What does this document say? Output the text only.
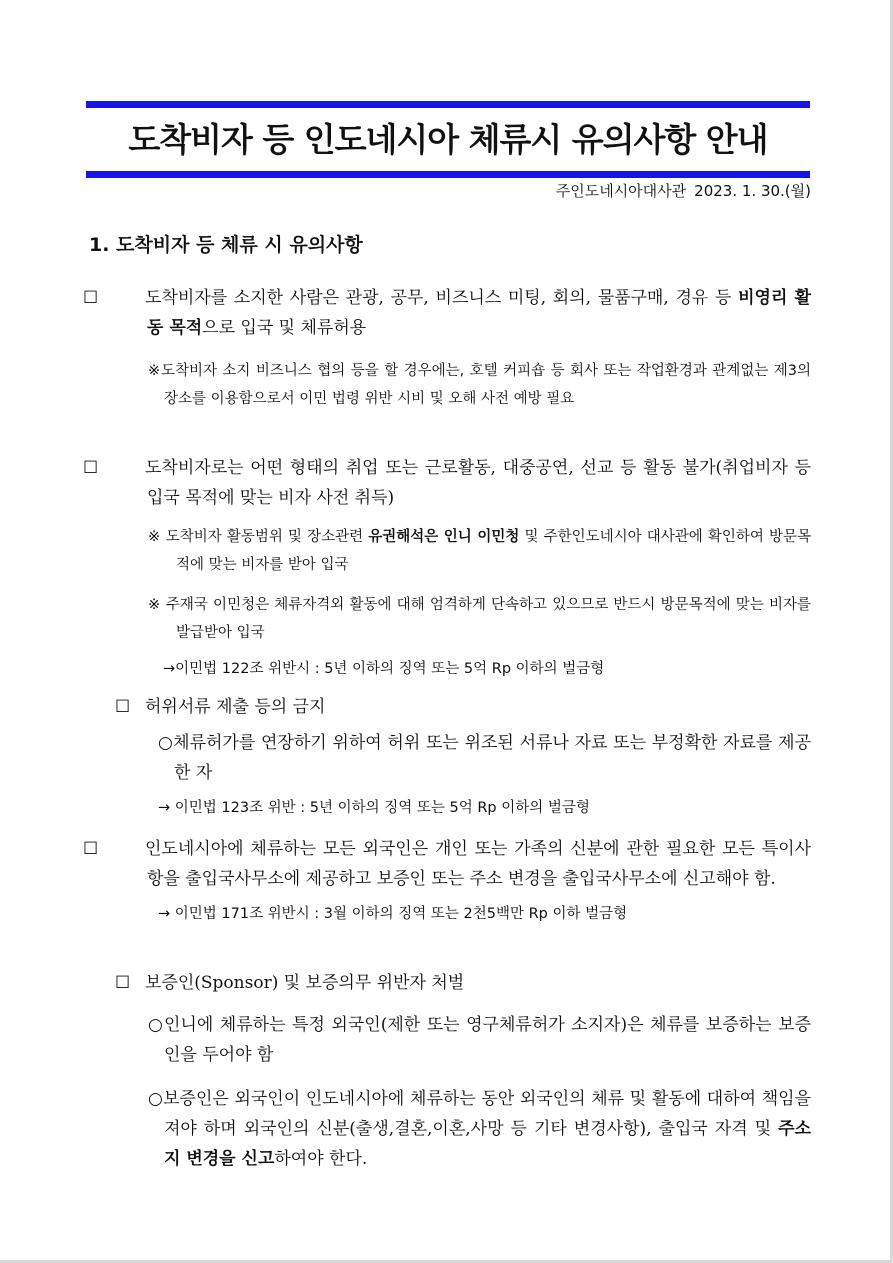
도착비자 등 인도네시아 체류시 유의사항 안내
주인도네시아대사관 2023. 1. 30.(월)
1. 도착비자 등 체류 시 유의사항
☐	도착비자를 소지한 사람은 관광, 공무, 비즈니스 미팅, 회의, 물품구매, 경유 등 비영리 활동 목적으로 입국 및 체류허용
※도착비자 소지 비즈니스 협의 등을 할 경우에는, 호텔 커피숍 등 회사 또는 작업환경과 관계없는 제3의 장소를 이용함으로서 이민 법령 위반 시비 및 오해 사전 예방 필요
☐	도착비자로는 어떤 형태의 취업 또는 근로활동, 대중공연, 선교 등 활동 불가(취업비자 등 입국 목적에 맞는 비자 사전 취득)
※ 도착비자 활동범위 및 장소관련 유권해석은 인니 이민청 및 주한인도네시아 대사관에 확인하여 방문목적에 맞는 비자를 받아 입국
※ 주재국 이민청은 체류자격외 활동에 대해 엄격하게 단속하고 있으므로 반드시 방문목적에 맞는 비자를 발급받아 입국
→이민법 122조 위반시 : 5년 이하의 징역 또는 5억 Rp 이하의 벌금형
☐ 허위서류 제출 등의 금지
○체류허가를 연장하기 위하여 허위 또는 위조된 서류나 자료 또는 부정확한 자료를 제공한 자
→ 이민법 123조 위반 : 5년 이하의 징역 또는 5억 Rp 이하의 벌금형
☐	인도네시아에 체류하는 모든 외국인은 개인 또는 가족의 신분에 관한 필요한 모든 특이사항을 출입국사무소에 제공하고 보증인 또는 주소 변경을 출입국사무소에 신고해야 함.
→ 이민법 171조 위반시 : 3월 이하의 징역 또는 2천5백만 Rp 이하 벌금형
☐ 보증인(Sponsor) 및 보증의무 위반자 처벌
○인니에 체류하는 특정 외국인(제한 또는 영구체류허가 소지자)은 체류를 보증하는 보증인을 두어야 함
○보증인은 외국인이 인도네시아에 체류하는 동안 외국인의 체류 및 활동에 대하여 책임을져야 하며 외국인의 신분(출생,결혼,이혼,사망 등 기타 변경사항), 출입국 자격 및 주소지 변경을 신고하여야 한다.
